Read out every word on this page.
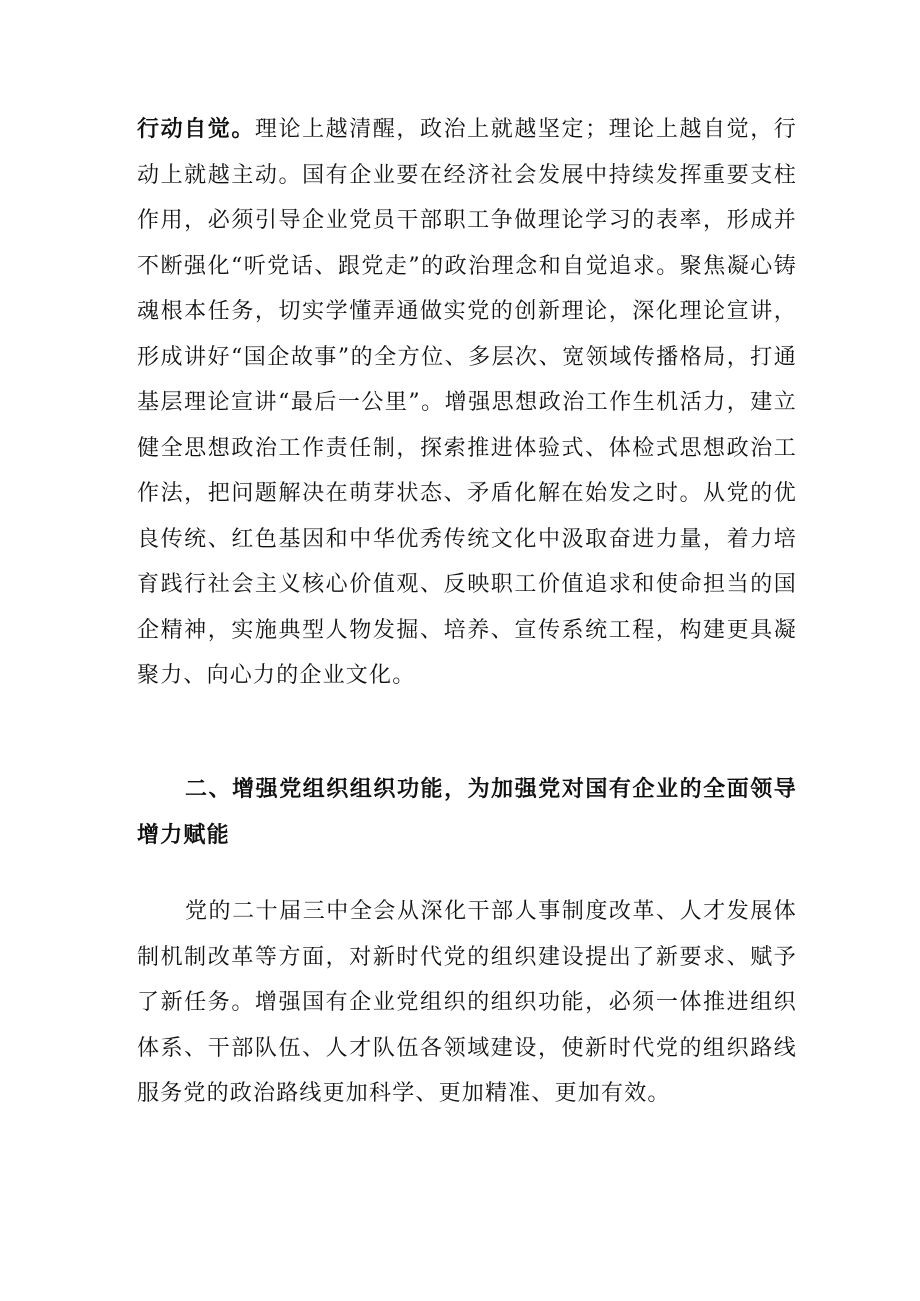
行动自觉。理论上越清醒，政治上就越坚定；理论上越自觉，行动上就越主动。国有企业要在经济社会发展中持续发挥重要支柱作用，必须引导企业党员干部职工争做理论学习的表率，形成并不断强化“听党话、跟党走”的政治理念和自觉追求。聚焦凝心铸魂根本任务，切实学懂弄通做实党的创新理论，深化理论宣讲，形成讲好“国企故事”的全方位、多层次、宽领域传播格局，打通基层理论宣讲“最后一公里”。增强思想政治工作生机活力，建立健全思想政治工作责任制，探索推进体验式、体检式思想政治工作法，把问题解决在萌芽状态、矛盾化解在始发之时。从党的优良传统、红色基因和中华优秀传统文化中汲取奋进力量，着力培育践行社会主义核心价值观、反映职工价值追求和使命担当的国企精神，实施典型人物发掘、培养、宣传系统工程，构建更具凝聚力、向心力的企业文化。

二、增强党组织组织功能，为加强党对国有企业的全面领导增力赋能

党的二十届三中全会从深化干部人事制度改革、人才发展体制机制改革等方面，对新时代党的组织建设提出了新要求、赋予了新任务。增强国有企业党组织的组织功能，必须一体推进组织体系、干部队伍、人才队伍各领域建设，使新时代党的组织路线服务党的政治路线更加科学、更加精准、更加有效。
